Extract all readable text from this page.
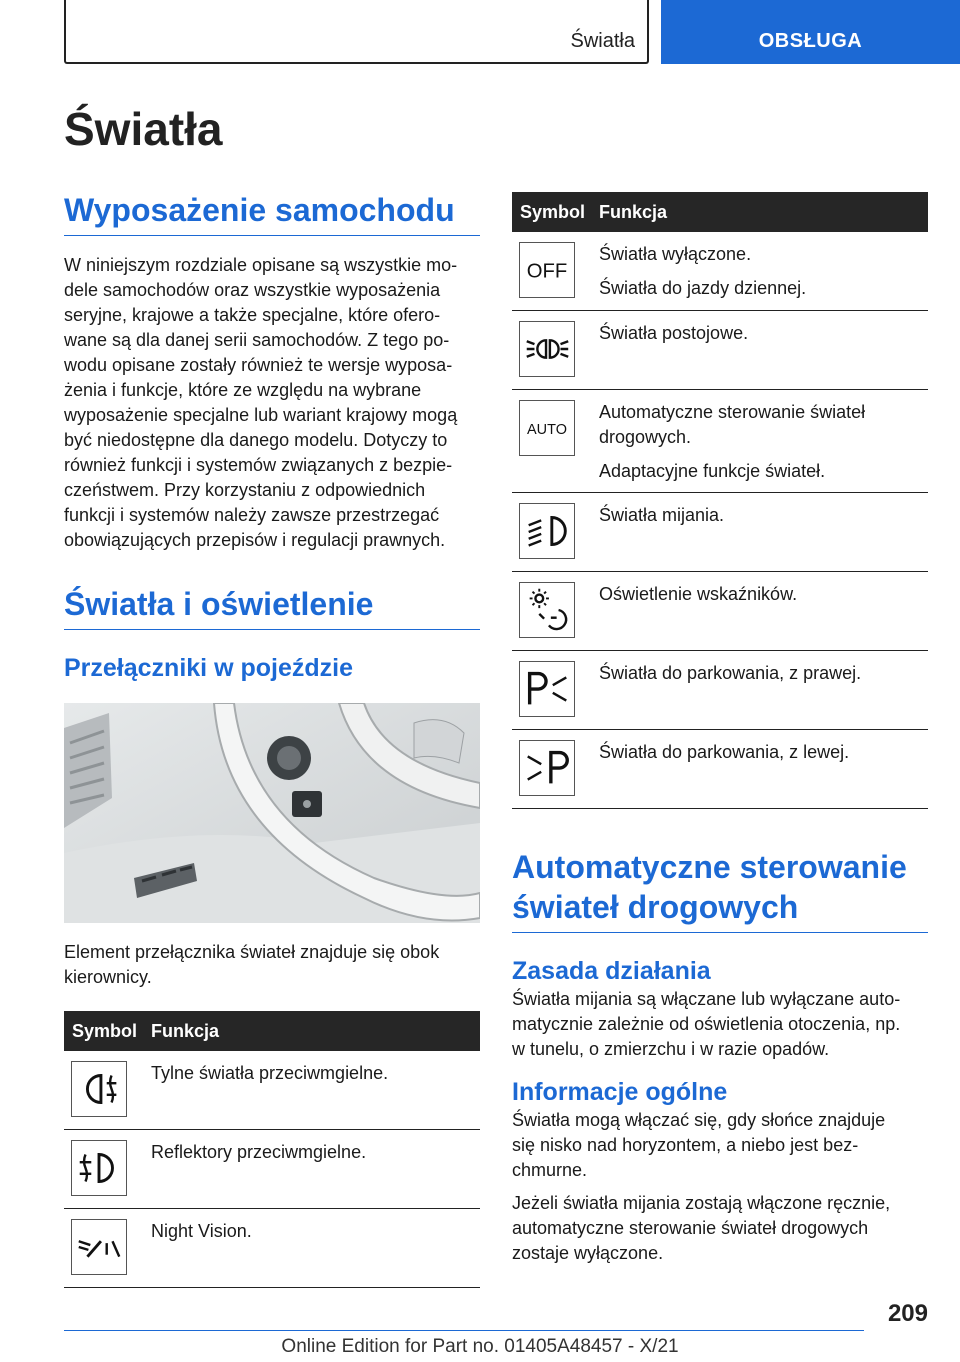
Światła	OBSŁUGA
Światła
Wyposażenie samochodu
W niniejszym rozdziale opisane są wszystkie mo-
dele samochodów oraz wszystkie wyposażenia
seryjne, krajowe a także specjalne, które ofero-
wane są dla danej serii samochodów. Z tego po-
wodu opisane zostały również te wersje wyposa-
żenia i funkcje, które ze względu na wybrane
wyposażenie specjalne lub wariant krajowy mogą
być niedostępne dla danego modelu. Dotyczy to
również funkcji i systemów związanych z bezpie-
czeństwem. Przy korzystaniu z odpowiednich
funkcji i systemów należy zawsze przestrzegać
obowiązujących przepisów i regulacji prawnych.
Światła i oświetlenie
Przełączniki w pojeździe
Element przełącznika świateł znajduje się obok
kierownicy.
Symbol	Funkcja

Tylne światła przeciwmgielne.

Reflektory przeciwmgielne.

Night Vision.
Symbol	Funkcja

OFF	Światła wyłączone.
Światła do jazdy dziennej.

Światła postojowe.

AUTO	Automatyczne sterowanie świateł drogowych.
Adaptacyjne funkcje świateł.

Światła mijania.

Oświetlenie wskaźników.

Światła do parkowania, z prawej.

Światła do parkowania, z lewej.
Automatyczne sterowanie
świateł drogowych
Zasada działania
Światła mijania są włączane lub wyłączane auto-
matycznie zależnie od oświetlenia otoczenia, np.
w tunelu, o zmierzchu i w razie opadów.
Informacje ogólne
Światła mogą włączać się, gdy słońce znajduje
się nisko nad horyzontem, a niebo jest bez-
chmurne.
Jeżeli światła mijania zostają włączone ręcznie,
automatyczne sterowanie świateł drogowych
zostaje wyłączone.
209
Online Edition for Part no. 01405A48457 - X/21
